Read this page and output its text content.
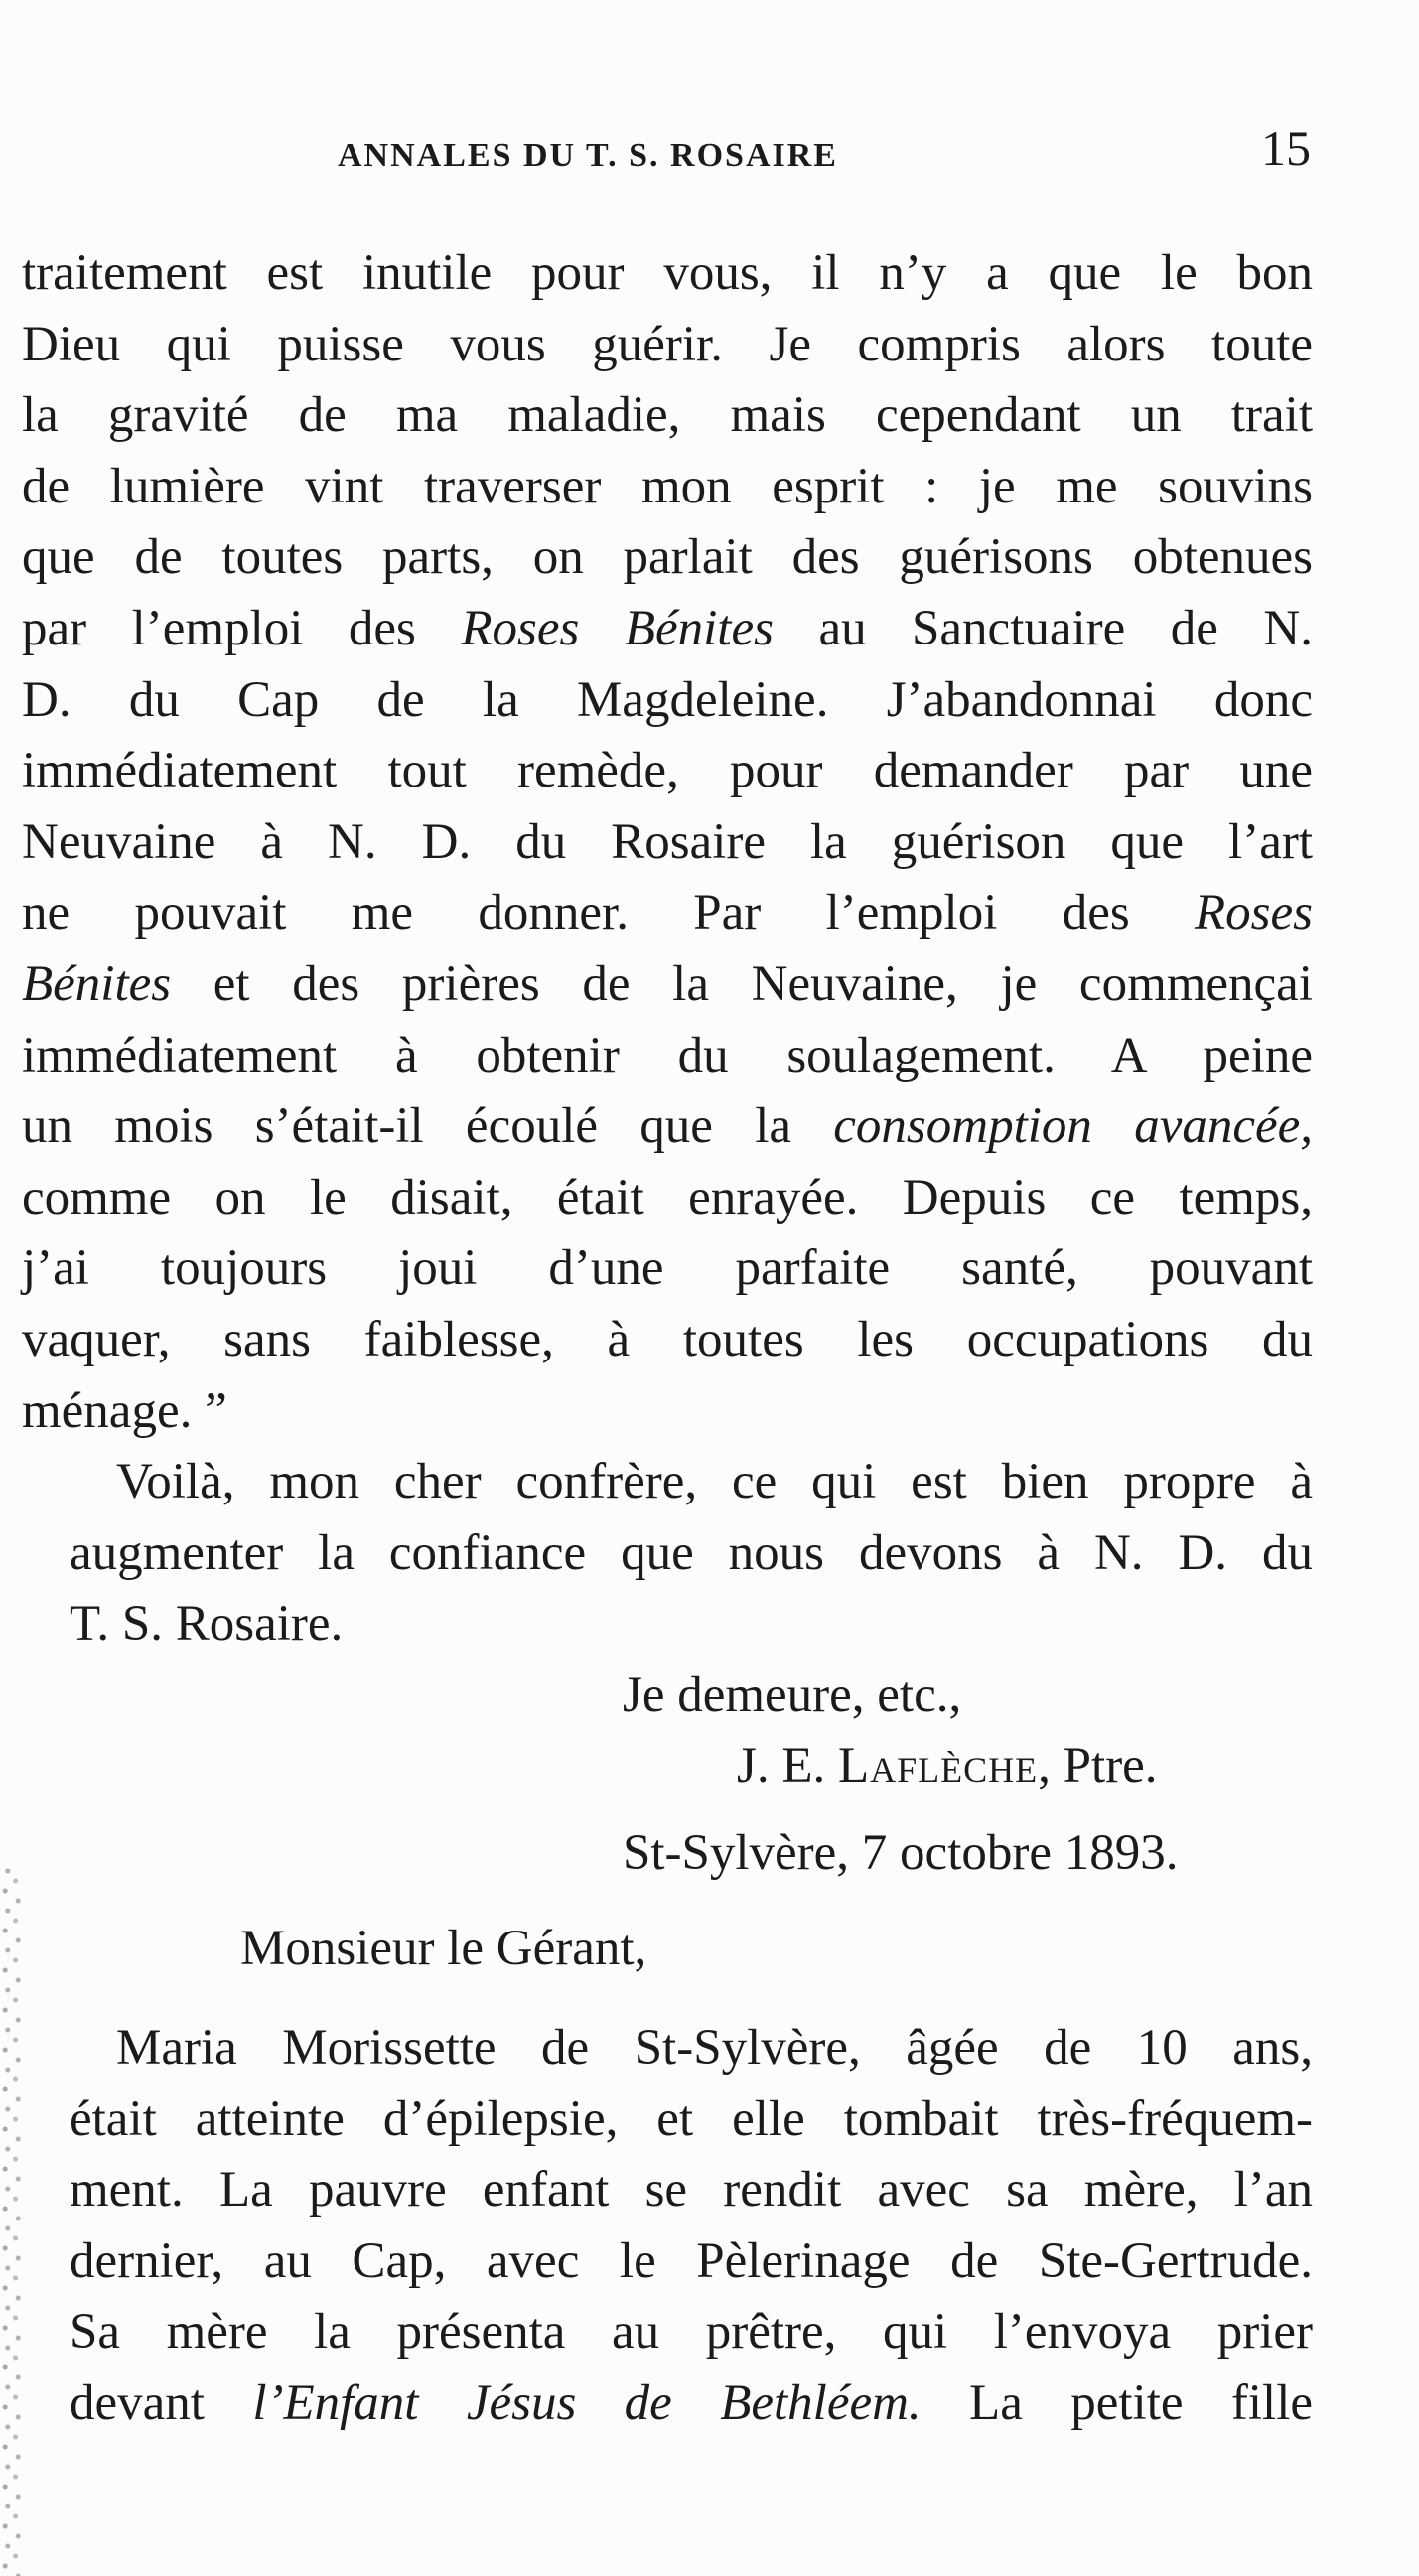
ANNALES DU T. S. ROSAIRE	15
traitement est inutile pour vous, il n’y a que le bon
Dieu qui puisse vous guérir. Je compris alors toute
la gravité de ma maladie, mais cependant un trait
de lumière vint traverser mon esprit : je me souvins
que de toutes parts, on parlait des guérisons obtenues
par l’emploi des Roses Bénites au Sanctuaire de N.
D. du Cap de la Magdeleine. J’abandonnai donc
immédiatement tout remède, pour demander par une
Neuvaine à N. D. du Rosaire la guérison que l’art
ne pouvait me donner. Par l’emploi des Roses
Bénites et des prières de la Neuvaine, je commençai
immédiatement à obtenir du soulagement. A peine
un mois s’était-il écoulé que la consomption avancée,
comme on le disait, était enrayée. Depuis ce temps,
j’ai toujours joui d’une parfaite santé, pouvant
vaquer, sans faiblesse, à toutes les occupations du
ménage. ”
Voilà, mon cher confrère, ce qui est bien propre à
augmenter la confiance que nous devons à N. D. du
T. S. Rosaire.
Je demeure, etc.,
J. E. Laflèche, Ptre.
St-Sylvère, 7 octobre 1893.
Monsieur le Gérant,
Maria Morissette de St-Sylvère, âgée de 10 ans,
était atteinte d’épilepsie, et elle tombait très-fréquem-
ment. La pauvre enfant se rendit avec sa mère, l’an
dernier, au Cap, avec le Pèlerinage de Ste-Gertrude.
Sa mère la présenta au prêtre, qui l’envoya prier
devant l’Enfant Jésus de Bethléem. La petite fille
